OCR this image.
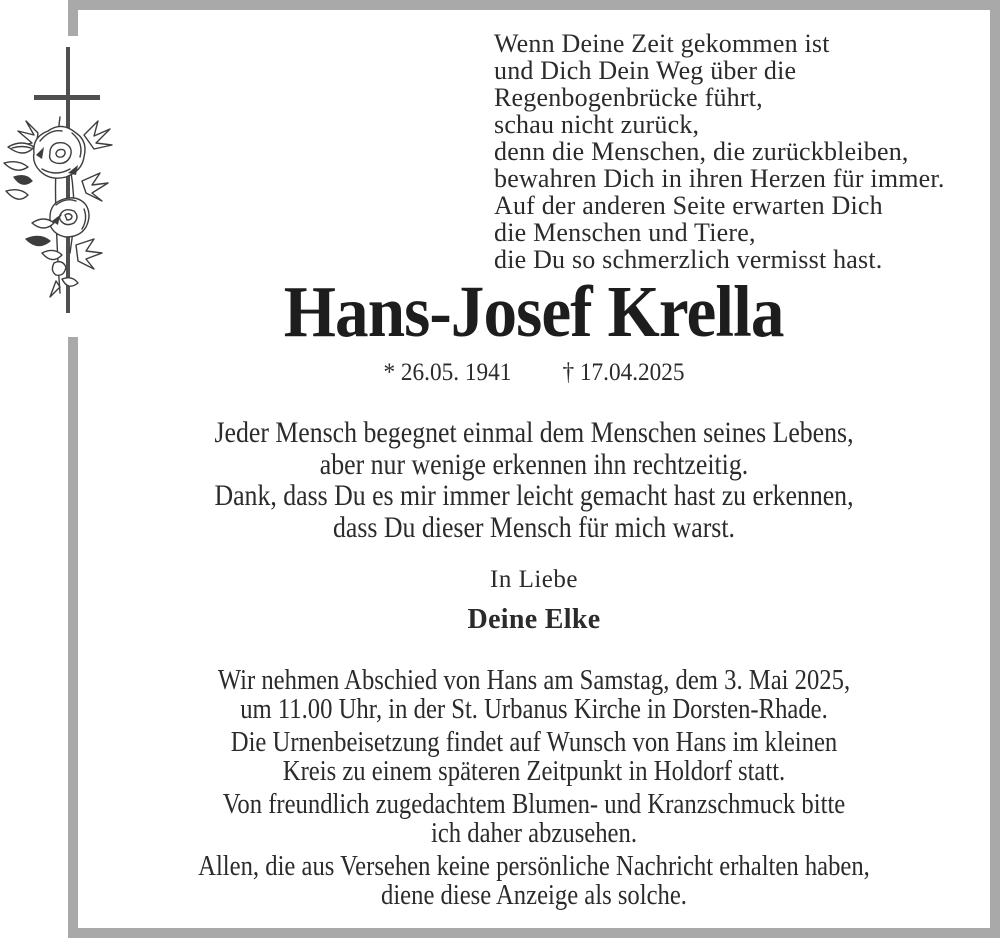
Wenn Deine Zeit gekommen ist
und Dich Dein Weg über die
Regenbogenbrücke führt,
schau nicht zurück,
denn die Menschen, die zurückbleiben,
bewahren Dich in ihren Herzen für immer.
Auf der anderen Seite erwarten Dich
die Menschen und Tiere,
die Du so schmerzlich vermisst hast.
Hans-Josef Krella
* 26.05. 1941 † 17.04.2025
Jeder Mensch begegnet einmal dem Menschen seines Lebens,
aber nur wenige erkennen ihn rechtzeitig.
Dank, dass Du es mir immer leicht gemacht hast zu erkennen,
dass Du dieser Mensch für mich warst.
In Liebe
Deine Elke

Wir nehmen Abschied von Hans am Samstag, dem 3. Mai 2025,
um 11.00 Uhr, in der St. Urbanus Kirche in Dorsten-Rhade.

Die Urnenbeisetzung findet auf Wunsch von Hans im kleinen
Kreis zu einem späteren Zeitpunkt in Holdorf statt.

Von freundlich zugedachtem Blumen- und Kranzschmuck bitte
ich daher abzusehen.

Allen, die aus Versehen keine persönliche Nachricht erhalten haben,
diene diese Anzeige als solche.
